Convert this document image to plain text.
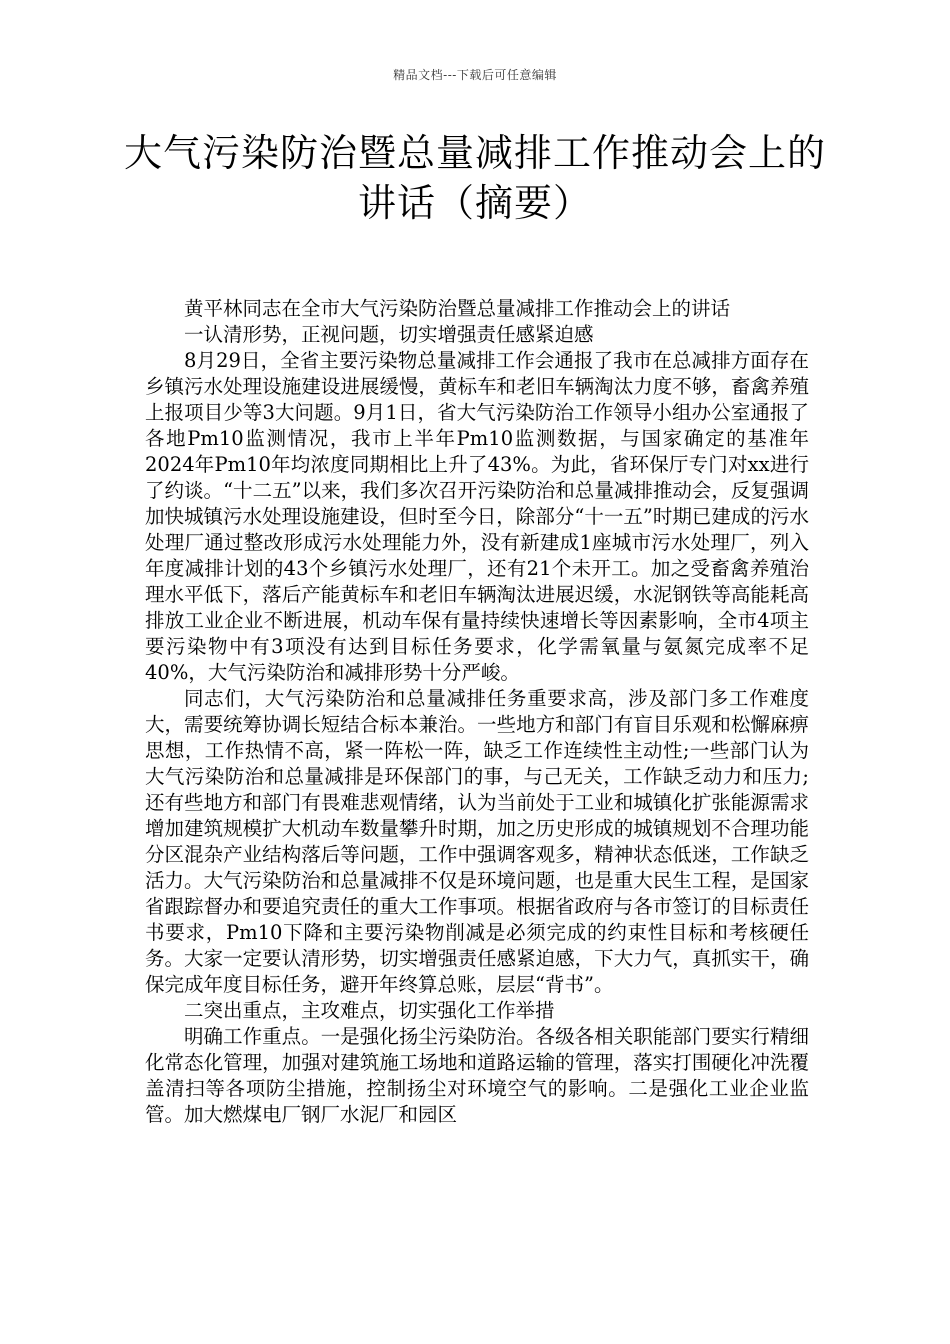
精品文档---下载后可任意编辑
大气污染防治暨总量减排工作推动会上的讲话（摘要）

黄平林同志在全市大气污染防治暨总量减排工作推动会上的讲话

一认清形势，正视问题，切实增强责任感紧迫感

8月29日，全省主要污染物总量减排工作会通报了我市在总减排方面存在乡镇污水处理设施建设进展缓慢，黄标车和老旧车辆淘汰力度不够，畜禽养殖上报项目少等3大问题。9月1日，省大气污染防治工作领导小组办公室通报了各地Pm10监测情况，我市上半年Pm10监测数据，与国家确定的基准年2024年Pm10年均浓度同期相比上升了43%。为此，省环保厅专门对xx进行了约谈。“十二五”以来，我们多次召开污染防治和总量减排推动会，反复强调加快城镇污水处理设施建设，但时至今日，除部分“十一五”时期已建成的污水处理厂通过整改形成污水处理能力外，没有新建成1座城市污水处理厂，列入年度减排计划的43个乡镇污水处理厂，还有21个未开工。加之受畜禽养殖治理水平低下，落后产能黄标车和老旧车辆淘汰进展迟缓，水泥钢铁等高能耗高排放工业企业不断进展，机动车保有量持续快速增长等因素影响，全市4项主要污染物中有3项没有达到目标任务要求，化学需氧量与氨氮完成率不足40%，大气污染防治和减排形势十分严峻。

同志们，大气污染防治和总量减排任务重要求高，涉及部门多工作难度大，需要统筹协调长短结合标本兼治。一些地方和部门有盲目乐观和松懈麻痹思想，工作热情不高，紧一阵松一阵，缺乏工作连续性主动性;一些部门认为大气污染防治和总量减排是环保部门的事，与己无关，工作缺乏动力和压力;还有些地方和部门有畏难悲观情绪，认为当前处于工业和城镇化扩张能源需求增加建筑规模扩大机动车数量攀升时期，加之历史形成的城镇规划不合理功能分区混杂产业结构落后等问题，工作中强调客观多，精神状态低迷，工作缺乏活力。大气污染防治和总量减排不仅是环境问题，也是重大民生工程，是国家省跟踪督办和要追究责任的重大工作事项。根据省政府与各市签订的目标责任书要求，Pm10下降和主要污染物削减是必须完成的约束性目标和考核硬任务。大家一定要认清形势，切实增强责任感紧迫感，下大力气，真抓实干，确保完成年度目标任务，避开年终算总账，层层“背书”。

二突出重点，主攻难点，切实强化工作举措

明确工作重点。一是强化扬尘污染防治。各级各相关职能部门要实行精细化常态化管理，加强对建筑施工场地和道路运输的管理，落实打围硬化冲洗覆盖清扫等各项防尘措施，控制扬尘对环境空气的影响。二是强化工业企业监管。加大燃煤电厂钢厂水泥厂和园区
